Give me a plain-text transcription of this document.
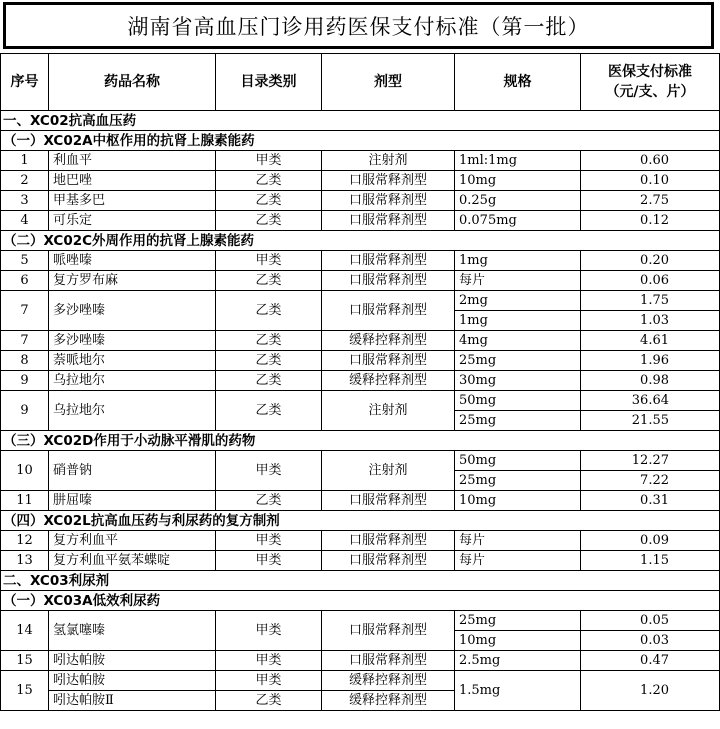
湖南省高血压门诊用药医保支付标准（第一批）
序号	药品名称	目录类别	剂型	规格	医保支付标准
（元/支、片）
一、XC02抗高血压药					
（一）XC02A中枢作用的抗肾上腺素能药					
1	利血平	甲类	注射剂	1ml:1mg	0.60
2	地巴唑	乙类	口服常释剂型	10mg	0.10
3	甲基多巴	乙类	口服常释剂型	0.25g	2.75
4	可乐定	乙类	口服常释剂型	0.075mg	0.12
（二）XC02C外周作用的抗肾上腺素能药					
5	哌唑嗪	甲类	口服常释剂型	1mg	0.20
6	复方罗布麻	乙类	口服常释剂型	每片	0.06
7	多沙唑嗪	乙类	口服常释剂型	2mg	1.75
				1mg	1.03
7	多沙唑嗪	乙类	缓释控释剂型	4mg	4.61
8	萘哌地尔	乙类	口服常释剂型	25mg	1.96
9	乌拉地尔	乙类	缓释控释剂型	30mg	0.98
9	乌拉地尔	乙类	注射剂	50mg	36.64
				25mg	21.55
（三）XC02D作用于小动脉平滑肌的药物					
10	硝普钠	甲类	注射剂	50mg	12.27
				25mg	7.22
11	肼屈嗪	乙类	口服常释剂型	10mg	0.31
（四）XC02L抗高血压药与利尿药的复方制剂					
12	复方利血平	甲类	口服常释剂型	每片	0.09
13	复方利血平氨苯蝶啶	甲类	口服常释剂型	每片	1.15
二、XC03利尿剂					
（一）XC03A低效利尿药					
14	氢氯噻嗪	甲类	口服常释剂型	25mg	0.05
				10mg	0.03
15	吲达帕胺	甲类	口服常释剂型	2.5mg	0.47
15	吲达帕胺	甲类	缓释控释剂型	1.5mg	1.20
	吲达帕胺Ⅱ	乙类	缓释控释剂型		
